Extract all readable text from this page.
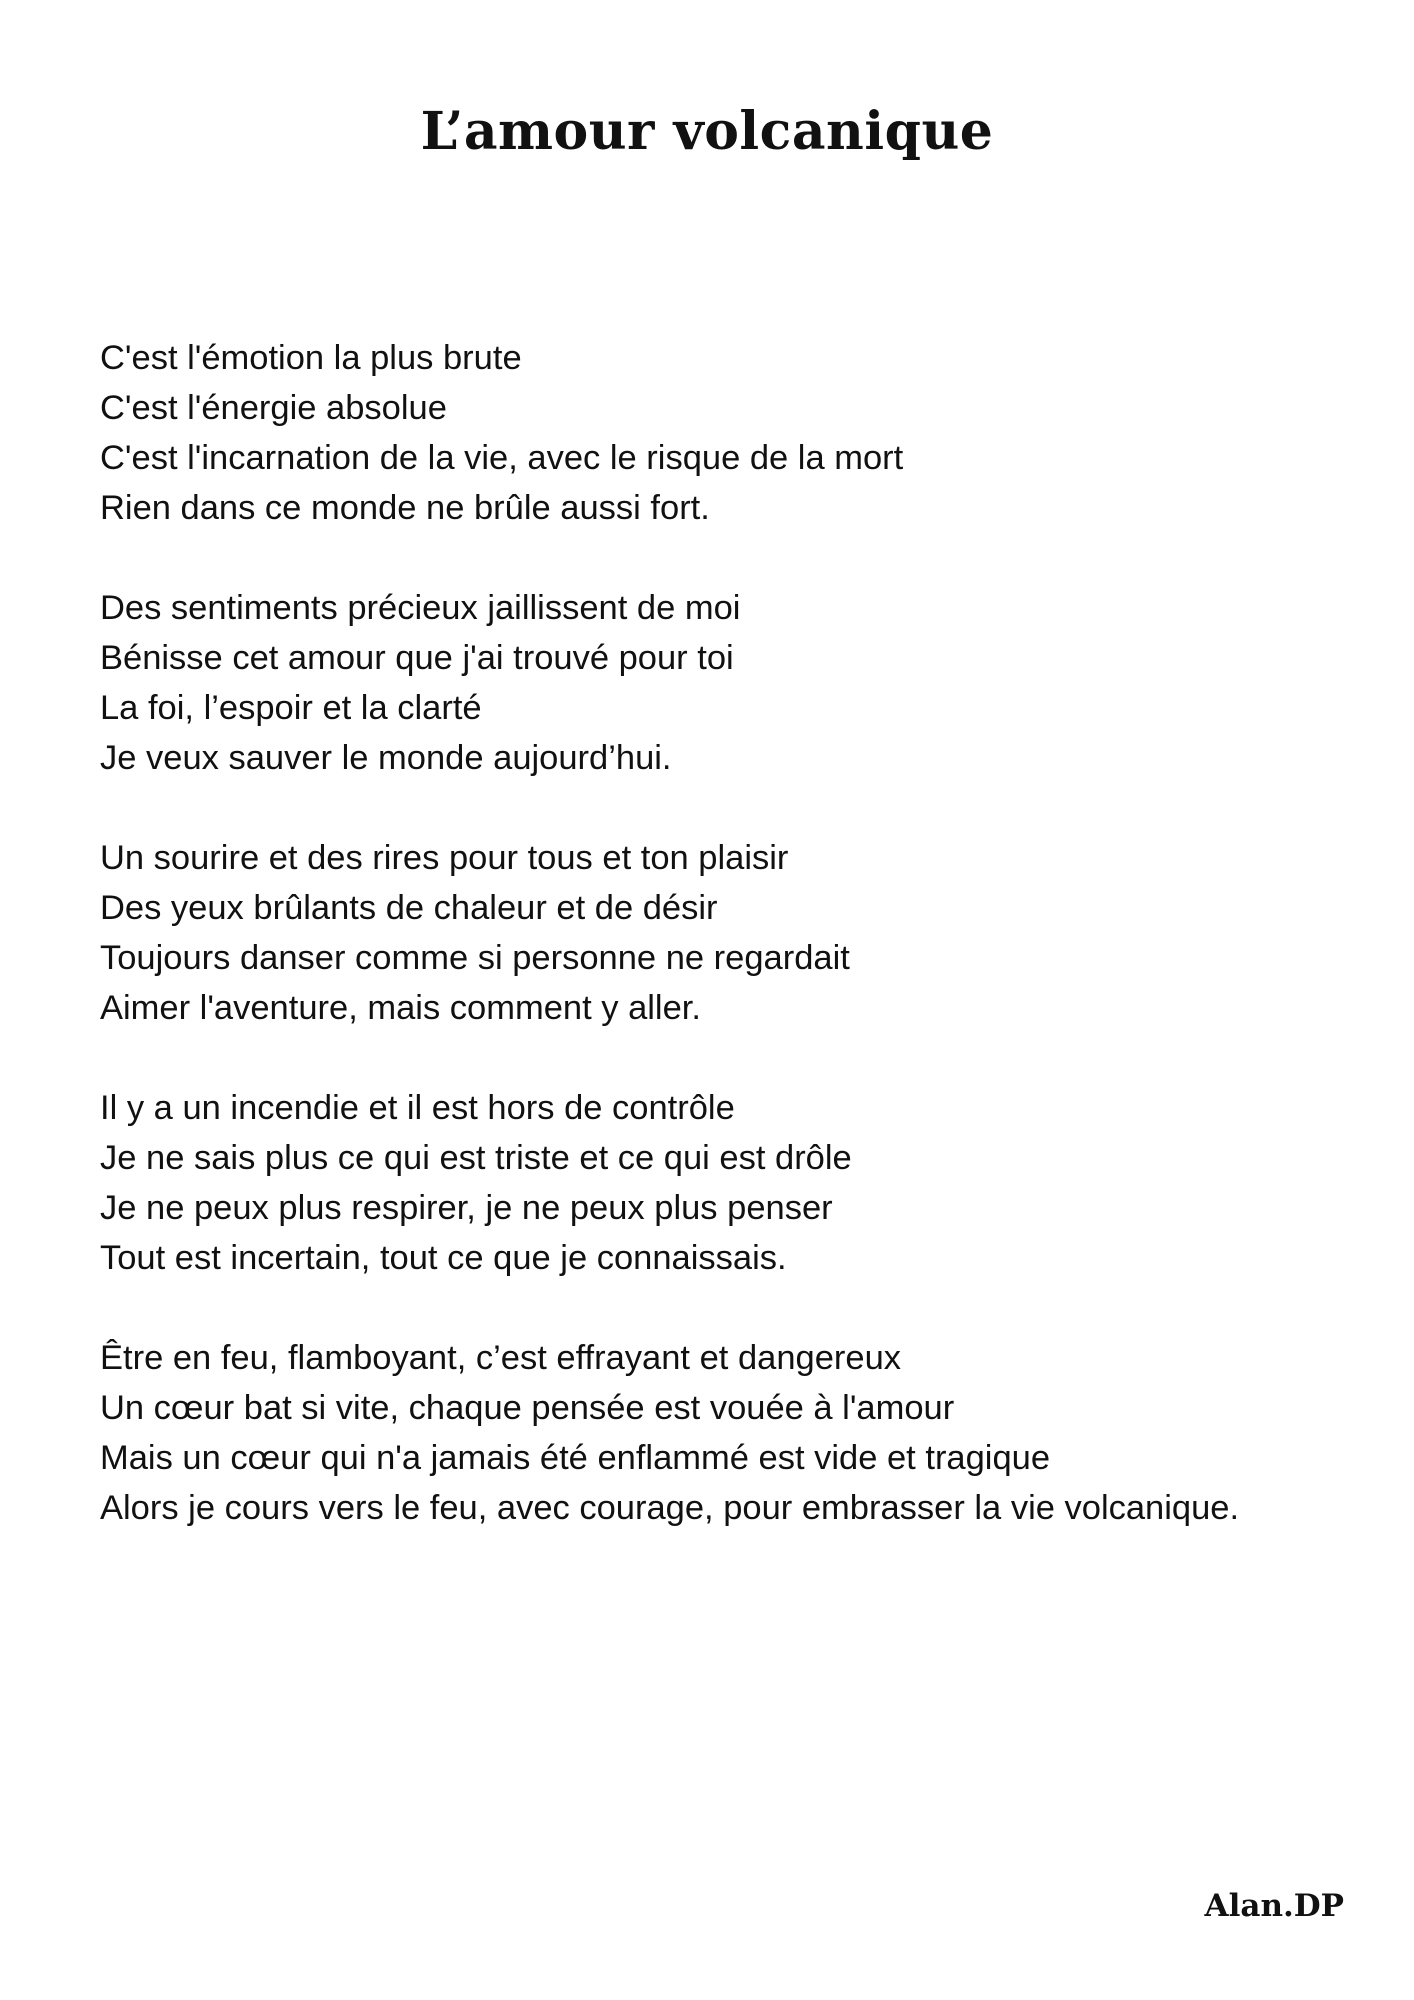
L’amour volcanique
C'est l'émotion la plus brute
C'est l'énergie absolue
C'est l'incarnation de la vie, avec le risque de la mort
Rien dans ce monde ne brûle aussi fort.
Des sentiments précieux jaillissent de moi
Bénisse cet amour que j'ai trouvé pour toi
La foi, l’espoir et la clarté
Je veux sauver le monde aujourd’hui.
Un sourire et des rires pour tous et ton plaisir
Des yeux brûlants de chaleur et de désir
Toujours danser comme si personne ne regardait
Aimer l'aventure, mais comment y aller.
Il y a un incendie et il est hors de contrôle
Je ne sais plus ce qui est triste et ce qui est drôle
Je ne peux plus respirer, je ne peux plus penser
Tout est incertain, tout ce que je connaissais.
Être en feu, flamboyant, c’est effrayant et dangereux
Un cœur bat si vite, chaque pensée est vouée à l'amour
Mais un cœur qui n'a jamais été enflammé est vide et tragique
Alors je cours vers le feu, avec courage, pour embrasser la vie volcanique.
Alan.DP
